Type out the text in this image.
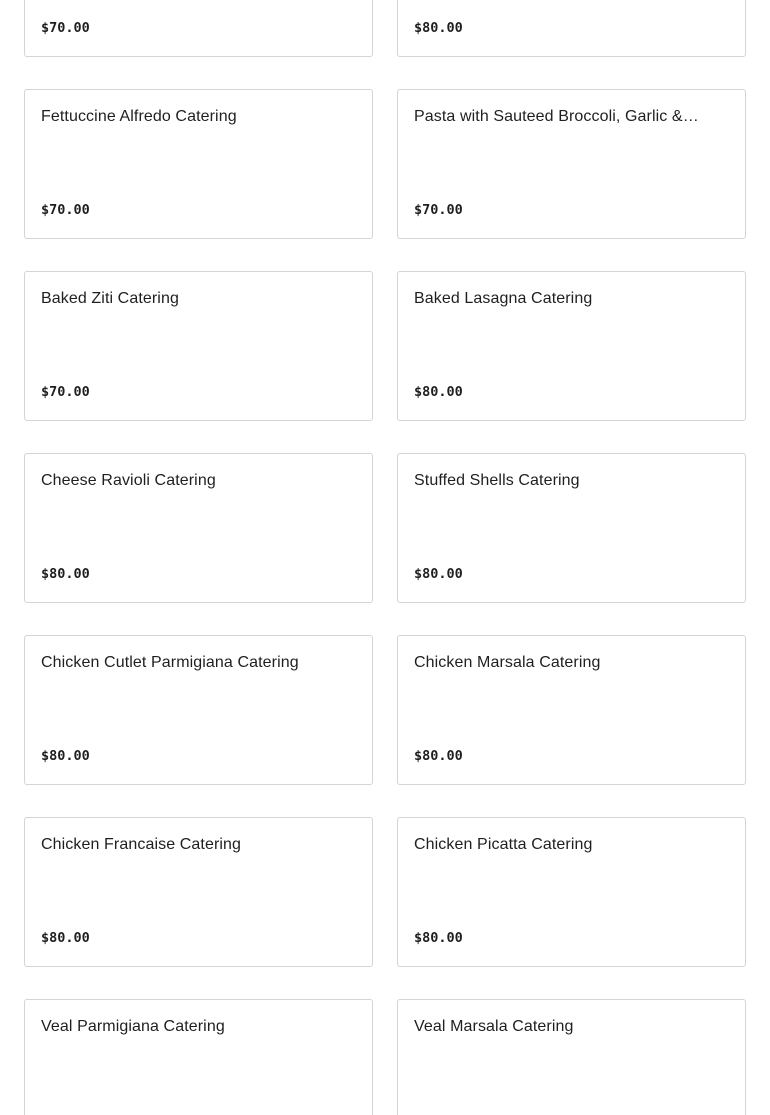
$70.00	$80.00
Fettuccine Alfredo Catering
$70.00
Pasta with Sauteed Broccoli, Garlic &…
$70.00
Baked Ziti Catering
$70.00
Baked Lasagna Catering
$80.00
Cheese Ravioli Catering
$80.00
Stuffed Shells Catering
$80.00
Chicken Cutlet Parmigiana Catering
$80.00
Chicken Marsala Catering
$80.00
Chicken Francaise Catering
$80.00
Chicken Picatta Catering
$80.00
Veal Parmigiana Catering	Veal Marsala Catering
